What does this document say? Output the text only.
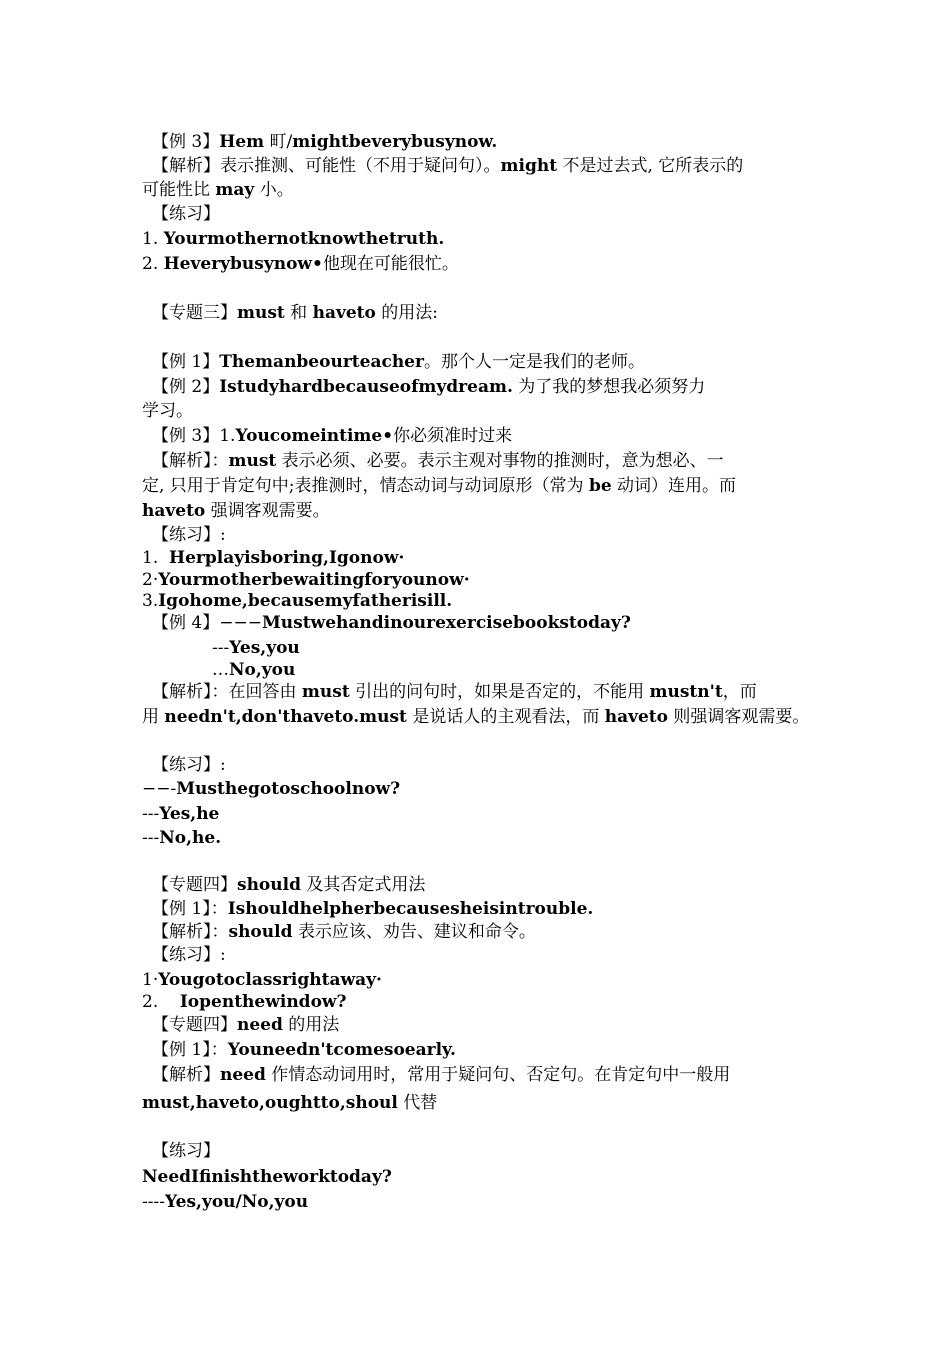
【例 3】Hem 町/mightbeverybusynow.
【解析】表示推测、可能性（不用于疑问句）。might 不是过去式, 它所表示的
可能性比 may 小。
【练习】
1. Yourmothernotknowthetruth.
2. Heverybusynow•他现在可能很忙。
【专题三】must 和 haveto 的用法:
【例 1】Themanbeourteacher。那个人一定是我们的老师。
【例 2】Istudyhardbecauseofmydream. 为了我的梦想我必须努力
学习。
【例 3】1.Youcomeintime•你必须准时过来
【解析】：must 表示必须、必要。表示主观对事物的推测时，意为想必、一
定, 只用于肯定句中;表推测时，情态动词与动词原形（常为 be 动词）连用。而
haveto 强调客观需要。
【练习】:
1.  Herplayisboring,Igonow·
2·Yourmotherbewaitingforyounow·
3.Igohome,becausemyfatherisill.
【例 4】−−−Mustwehandinourexercisebookstoday?
---Yes,you
…No,you
【解析】：在回答由 must 引出的问句时，如果是否定的，不能用 mustn't，而
用 needn't,don'thaveto.must 是说话人的主观看法，而 haveto 则强调客观需要。
【练习】:
−−-Musthegotoschoolnow?
---Yes,he
---No,he.
【专题四】should 及其否定式用法
【例 1】：Ishouldhelpherbecausesheisintrouble.
【解析】：should 表示应该、劝告、建议和命令。
【练习】:
1·Yougotoclassrightaway·
2.    Iopenthewindow?
【专题四】need 的用法
【例 1】：Youneedn'tcomesoearly.
【解析】need 作情态动词用时，常用于疑问句、否定句。在肯定句中一般用
must,haveto,oughtto,shoul 代替
【练习】
NeedIfinishtheworktoday?
----Yes,you/No,you
